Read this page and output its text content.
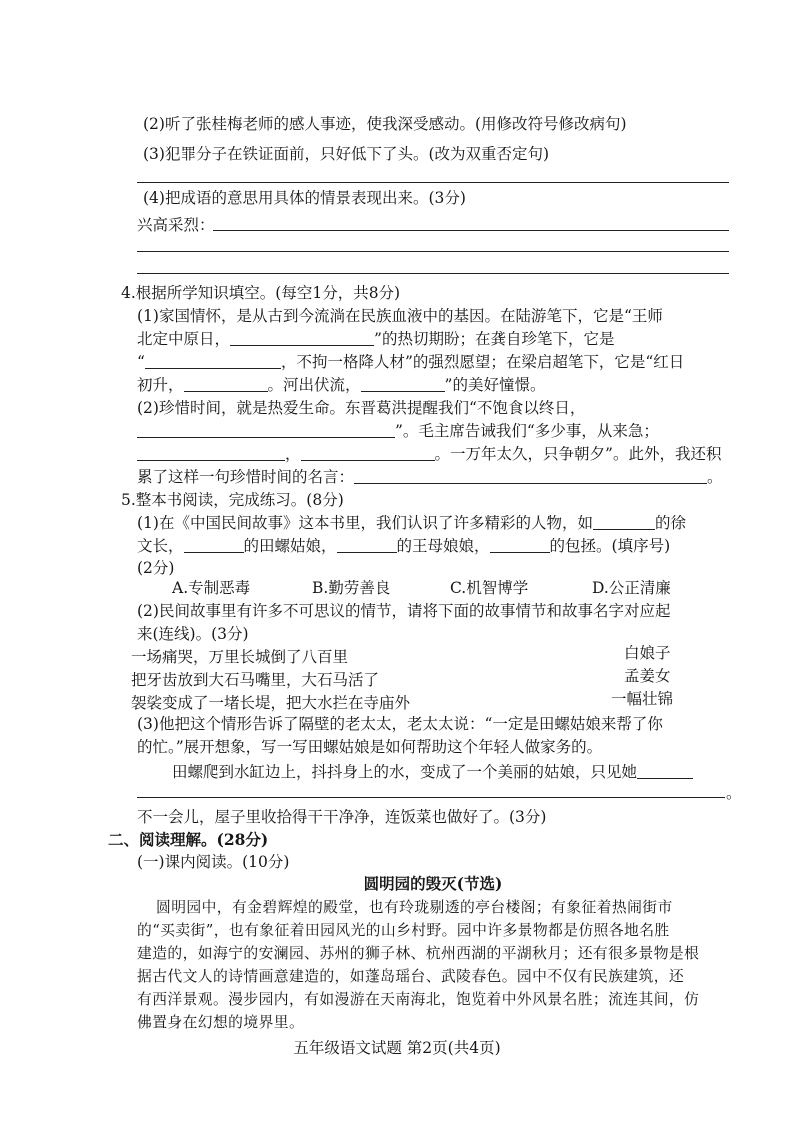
(2)听了张桂梅老师的感人事迹，使我深受感动。(用修改符号修改病句)
(3)犯罪分子在铁证面前，只好低下了头。(改为双重否定句)
(4)把成语的意思用具体的情景表现出来。(3分)
兴高采烈：
4.根据所学知识填空。(每空1分，共8分)
(1)家国情怀，是从古到今流淌在民族血液中的基因。在陆游笔下，它是“王师
北定中原日，	”的热切期盼；在龚自珍笔下，它是
“	，不拘一格降人材”的强烈愿望；在梁启超笔下，它是“红日
初升，	。河出伏流，	”的美好憧憬。
(2)珍惜时间，就是热爱生命。东晋葛洪提醒我们“不饱食以终日，
”。毛主席告诫我们“多少事，从来急；
，	。一万年太久，只争朝夕”。此外，我还积
累了这样一句珍惜时间的名言：	。
5.整本书阅读，完成练习。(8分)
(1)在《中国民间故事》这本书里，我们认识了许多精彩的人物，如	的徐
文长，	的田螺姑娘，	的王母娘娘，	的包拯。(填序号)
(2分)
A.专制恶毒	B.勤劳善良	C.机智博学	D.公正清廉
(2)民间故事里有许多不可思议的情节，请将下面的故事情节和故事名字对应起
来(连线)。(3分)
一场痛哭，万里长城倒了八百里
把牙齿放到大石马嘴里，大石马活了
袈裟变成了一堵长堤，把大水拦在寺庙外
白娘子
孟姜女
一幅壮锦
(3)他把这个情形告诉了隔壁的老太太，老太太说：“一定是田螺姑娘来帮了你
的忙。”展开想象，写一写田螺姑娘是如何帮助这个年轻人做家务的。
田螺爬到水缸边上，抖抖身上的水，变成了一个美丽的姑娘，只见她
。
不一会儿，屋子里收拾得干干净净，连饭菜也做好了。(3分)
二、阅读理解。(28分)
(一)课内阅读。(10分)
圆明园的毁灭(节选)
圆明园中，有金碧辉煌的殿堂，也有玲珑剔透的亭台楼阁；有象征着热闹街市
的“买卖街”，也有象征着田园风光的山乡村野。园中许多景物都是仿照各地名胜
建造的，如海宁的安澜园、苏州的狮子林、杭州西湖的平湖秋月；还有很多景物是根
据古代文人的诗情画意建造的，如蓬岛瑶台、武陵春色。园中不仅有民族建筑，还
有西洋景观。漫步园内，有如漫游在天南海北，饱览着中外风景名胜；流连其间，仿
佛置身在幻想的境界里。
五年级语文试题 第2页(共4页)
